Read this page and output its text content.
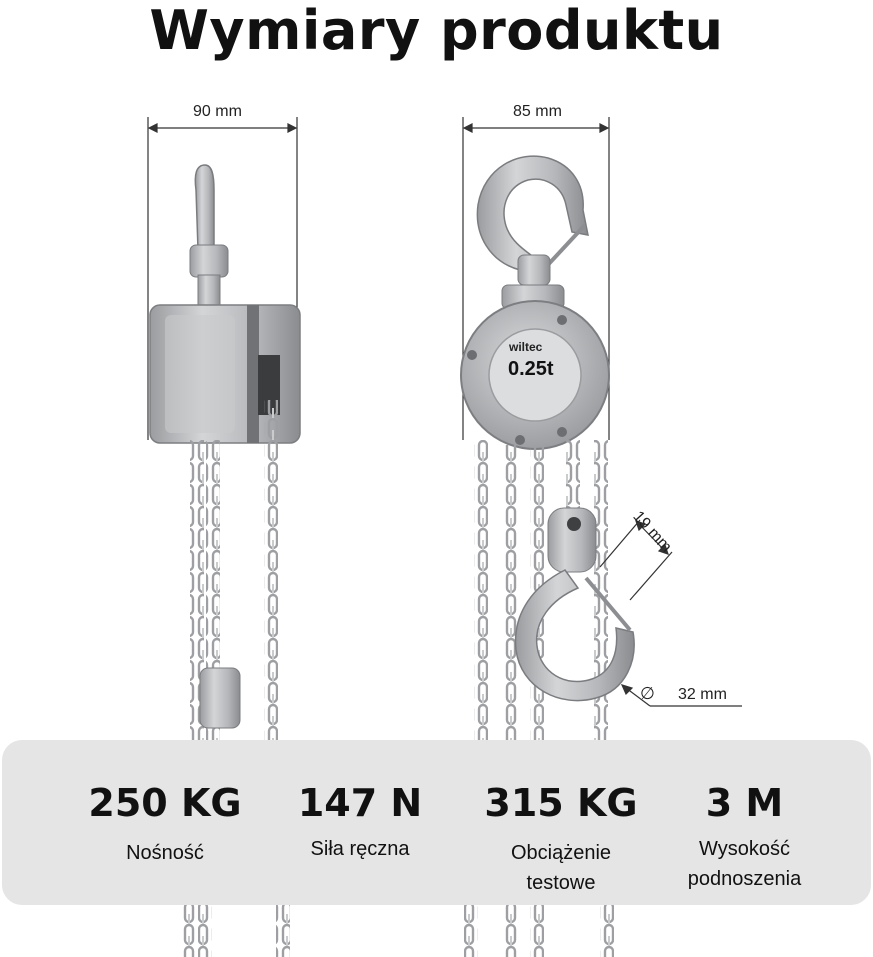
Wymiary produktu
90 mm	85 mm
19 mm
∅ 32 mm
wiltec
0.25t
250 KG
Nośność
147 N
Siła ręczna
315 KG
Obciążenie
testowe
3 M
Wysokość
podnoszenia
